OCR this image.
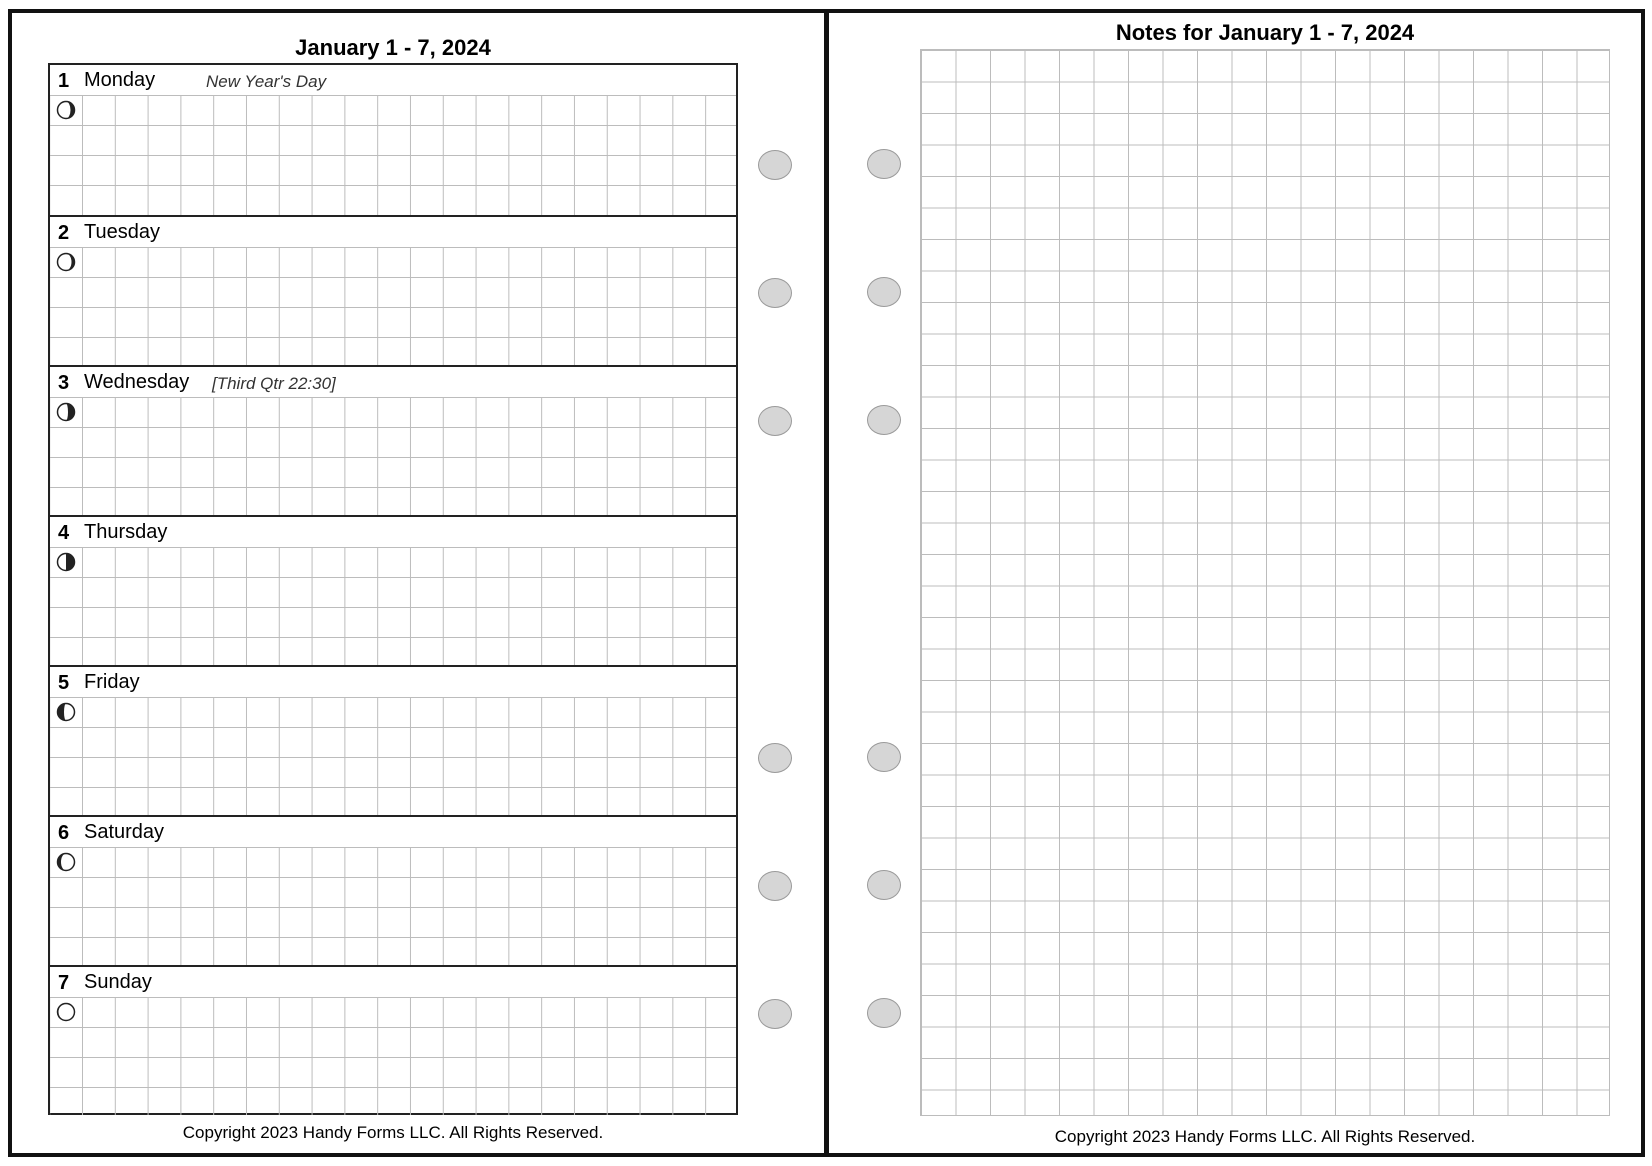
January 1 - 7, 2024
1 Monday	New Year's Day
2 Tuesday
3 Wednesday [Third Qtr 22:30]
4 Thursday
5 Friday
6 Saturday
7 Sunday
Copyright 2023 Handy Forms LLC. All Rights Reserved.
Notes for January 1 - 7, 2024
Copyright 2023 Handy Forms LLC. All Rights Reserved.
